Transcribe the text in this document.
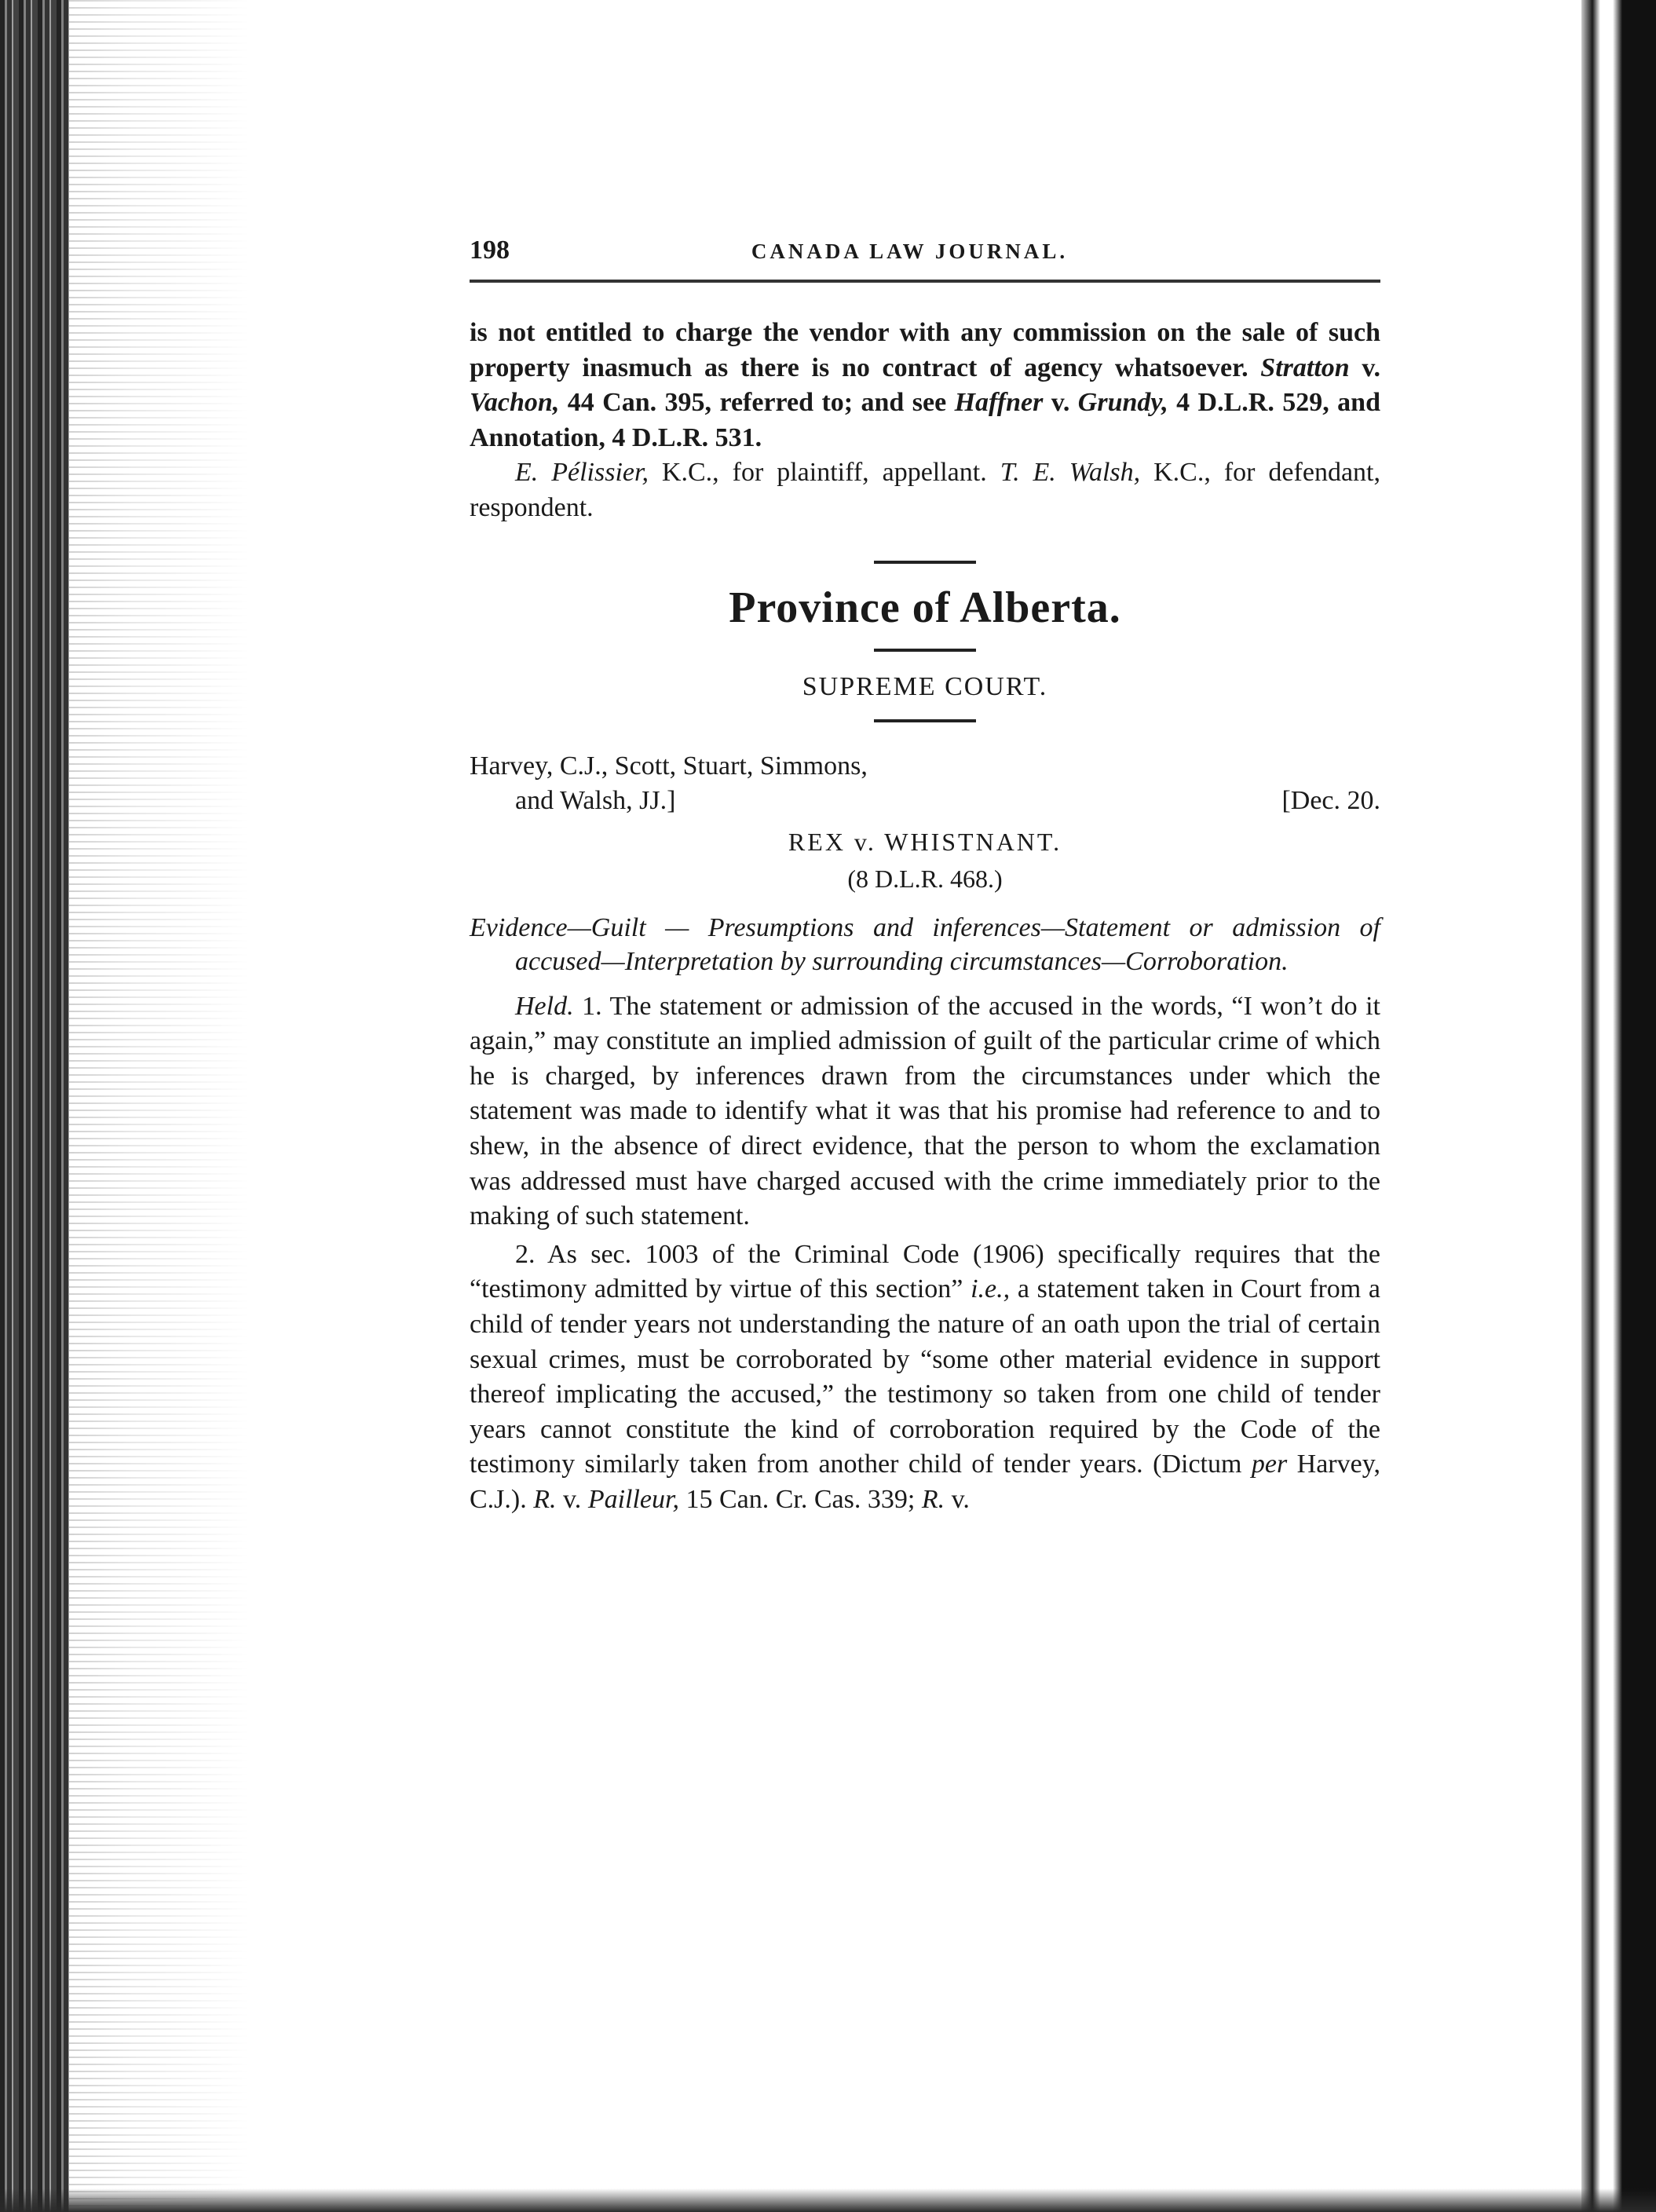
198	CANADA LAW JOURNAL.

is not entitled to charge the vendor with any commission on the sale of such property inasmuch as there is no contract of agency whatsoever. Stratton v. Vachon, 44 Can. 395, referred to; and see Haffner v. Grundy, 4 D.L.R. 529, and Annotation, 4 D.L.R. 531.

E. Pélissier, K.C., for plaintiff, appellant. T. E. Walsh, K.C., for defendant, respondent.

Province of Alberta.
SUPREME COURT.
Harvey, C.J., Scott, Stuart, Simmons,
and Walsh, JJ.]	[Dec. 20.
REX v. WHISTNANT.
(8 D.L.R. 468.)

Evidence—Guilt — Presumptions and inferences—Statement or admission of accused—Interpretation by surrounding circumstances—Corroboration.

Held. 1. The statement or admission of the accused in the words, “I won’t do it again,” may constitute an implied admission of guilt of the particular crime of which he is charged, by inferences drawn from the circumstances under which the statement was made to identify what it was that his promise had reference to and to shew, in the absence of direct evidence, that the person to whom the exclamation was addressed must have charged accused with the crime immediately prior to the making of such statement.

2. As sec. 1003 of the Criminal Code (1906) specifically requires that the “testimony admitted by virtue of this section” i.e., a statement taken in Court from a child of tender years not understanding the nature of an oath upon the trial of certain sexual crimes, must be corroborated by “some other material evidence in support thereof implicating the accused,” the testimony so taken from one child of tender years cannot constitute the kind of corroboration required by the Code of the testimony similarly taken from another child of tender years. (Dictum per Harvey, C.J.). R. v. Pailleur, 15 Can. Cr. Cas. 339; R. v.
